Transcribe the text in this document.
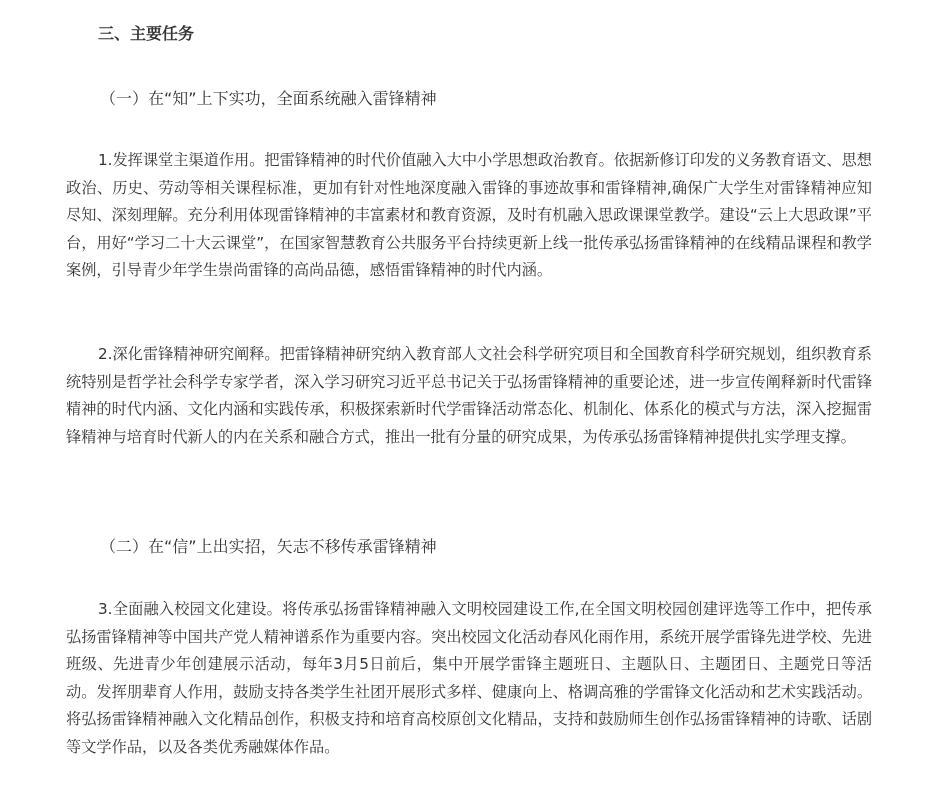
三、主要任务
（一）在“知”上下实功，全面系统融入雷锋精神

1.发挥课堂主渠道作用。把雷锋精神的时代价值融入大中小学思想政治教育。依据新修订印发的义务教育语文、思想政治、历史、劳动等相关课程标准，更加有针对性地深度融入雷锋的事迹故事和雷锋精神,确保广大学生对雷锋精神应知尽知、深刻理解。充分利用体现雷锋精神的丰富素材和教育资源，及时有机融入思政课课堂教学。建设“云上大思政课”平台，用好“学习二十大云课堂”，在国家智慧教育公共服务平台持续更新上线一批传承弘扬雷锋精神的在线精品课程和教学案例，引导青少年学生崇尚雷锋的高尚品德，感悟雷锋精神的时代内涵。

2.深化雷锋精神研究阐释。把雷锋精神研究纳入教育部人文社会科学研究项目和全国教育科学研究规划，组织教育系统特别是哲学社会科学专家学者，深入学习研究习近平总书记关于弘扬雷锋精神的重要论述，进一步宣传阐释新时代雷锋精神的时代内涵、文化内涵和实践传承，积极探索新时代学雷锋活动常态化、机制化、体系化的模式与方法，深入挖掘雷锋精神与培育时代新人的内在关系和融合方式，推出一批有分量的研究成果，为传承弘扬雷锋精神提供扎实学理支撑。

（二）在“信”上出实招，矢志不移传承雷锋精神

3.全面融入校园文化建设。将传承弘扬雷锋精神融入文明校园建设工作,在全国文明校园创建评选等工作中，把传承弘扬雷锋精神等中国共产党人精神谱系作为重要内容。突出校园文化活动春风化雨作用，系统开展学雷锋先进学校、先进班级、先进青少年创建展示活动，每年3月5日前后，集中开展学雷锋主题班日、主题队日、主题团日、主题党日等活动。发挥朋辈育人作用，鼓励支持各类学生社团开展形式多样、健康向上、格调高雅的学雷锋文化活动和艺术实践活动。将弘扬雷锋精神融入文化精品创作，积极支持和培育高校原创文化精品，支持和鼓励师生创作弘扬雷锋精神的诗歌、话剧等文学作品，以及各类优秀融媒体作品。
